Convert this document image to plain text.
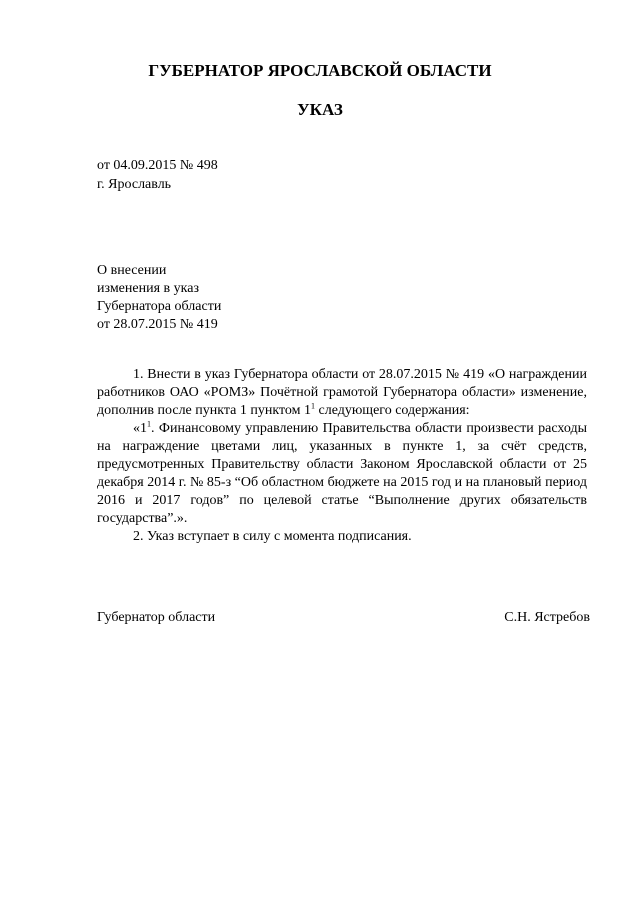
ГУБЕРНАТОР ЯРОСЛАВСКОЙ ОБЛАСТИ
УКАЗ
от 04.09.2015 № 498
г. Ярославль
О внесении
изменения в указ
Губернатора области
от 28.07.2015 № 419

1. Внести в указ Губернатора области от 28.07.2015 № 419 «О награждении работников ОАО «РОМЗ» Почётной грамотой Губернатора области» изменение, дополнив после пункта 1 пунктом $1^1$ следующего содержания:

«$1^1$. Финансовому управлению Правительства области произвести расходы на награждение цветами лиц, указанных в пункте 1, за счёт средств, предусмотренных Правительству области Законом Ярославской области от 25 декабря 2014 г. № 85-з “Об областном бюджете на 2015 год и на плановый период 2016 и 2017 годов” по целевой статье “Выполнение других обязательств государства”.».

2. Указ вступает в силу с момента подписания.

Губернатор области	С.Н. Ястребов
